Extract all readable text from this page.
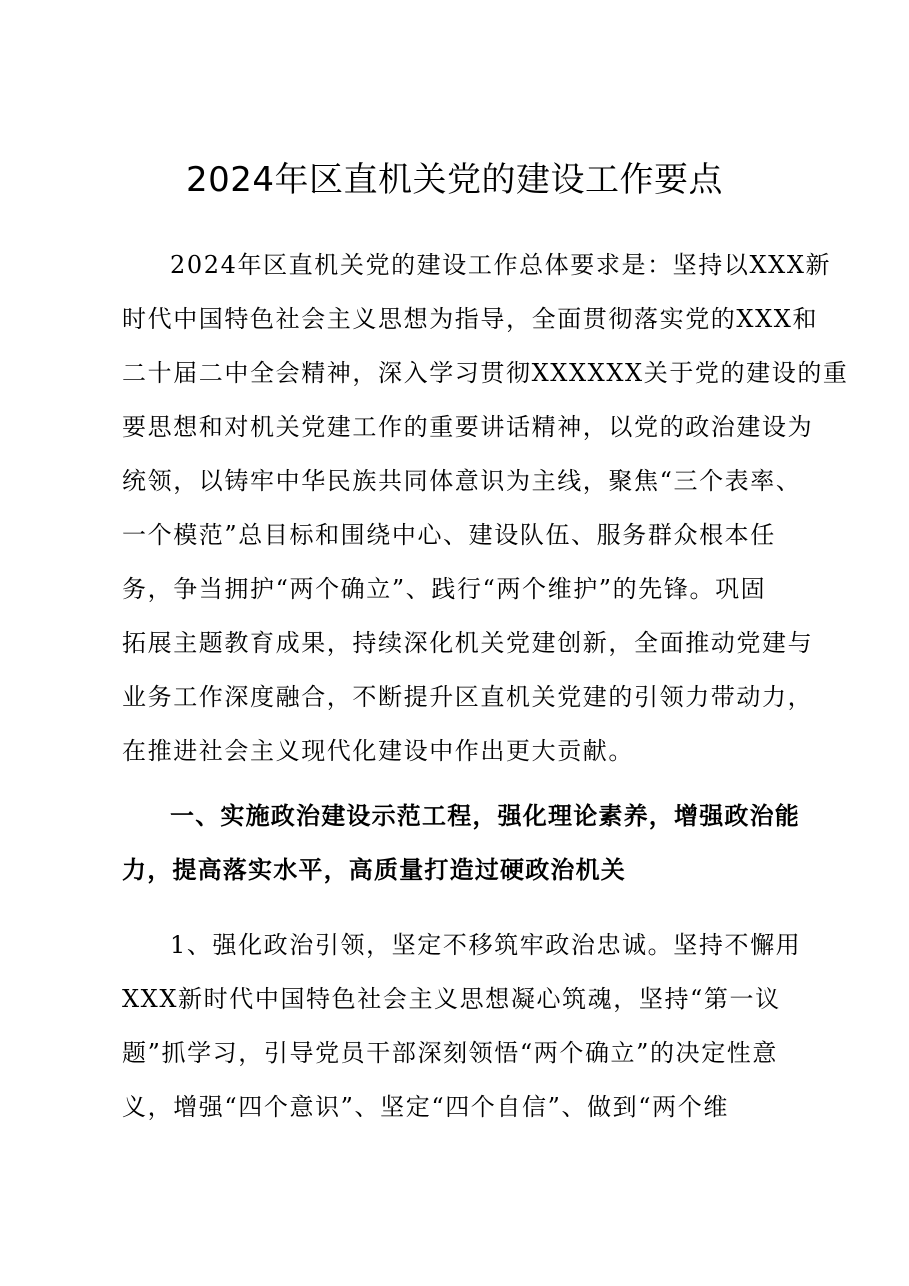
2024年区直机关党的建设工作要点
2024年区直机关党的建设工作总体要求是：坚持以XXX新
时代中国特色社会主义思想为指导，全面贯彻落实党的XXX和
二十届二中全会精神，深入学习贯彻XXXXXX关于党的建设的重
要思想和对机关党建工作的重要讲话精神，以党的政治建设为
统领，以铸牢中华民族共同体意识为主线，聚焦“三个表率、
一个模范”总目标和围绕中心、建设队伍、服务群众根本任
务，争当拥护“两个确立”、践行“两个维护”的先锋。巩固
拓展主题教育成果，持续深化机关党建创新，全面推动党建与
业务工作深度融合，不断提升区直机关党建的引领力带动力，
在推进社会主义现代化建设中作出更大贡献。
一、实施政治建设示范工程，强化理论素养，增强政治能
力，提高落实水平，高质量打造过硬政治机关
1、强化政治引领，坚定不移筑牢政治忠诚。坚持不懈用
XXX新时代中国特色社会主义思想凝心筑魂，坚持“第一议
题”抓学习，引导党员干部深刻领悟“两个确立”的决定性意
义，增强“四个意识”、坚定“四个自信”、做到“两个维
